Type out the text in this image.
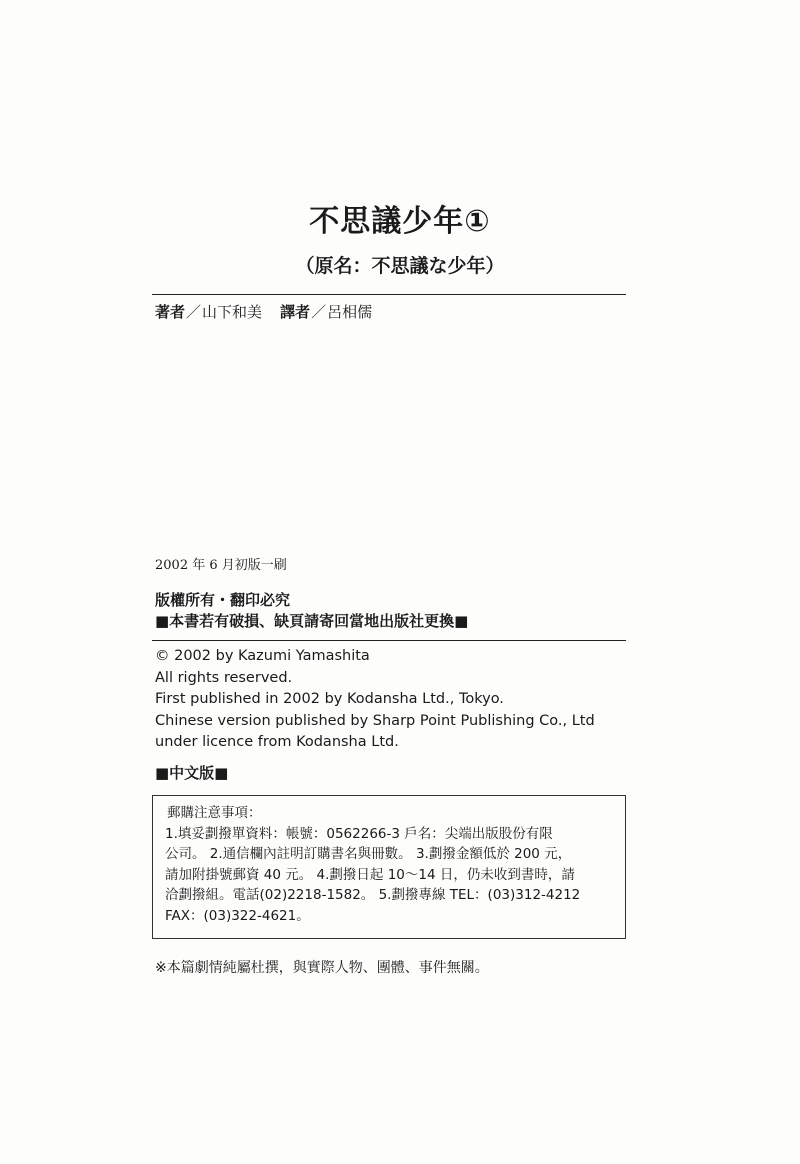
不思議少年①
（原名：不思議な少年）
著者／山下和美 譯者／呂相儒
2002 年 6 月初版一刷
版權所有・翻印必究
■本書若有破損、缺頁請寄回當地出版社更換■
© 2002 by Kazumi Yamashita
All rights reserved.
First published in 2002 by Kodansha Ltd., Tokyo.
Chinese version published by Sharp Point Publishing Co., Ltd
under licence from Kodansha Ltd.
■中文版■
郵購注意事項：
1.填妥劃撥單資料：帳號：0562266-3 戶名：尖端出版股份有限
公司。 2.通信欄內註明訂購書名與冊數。 3.劃撥金額低於 200 元，
請加附掛號郵資 40 元。 4.劃撥日起 10～14 日，仍未收到書時，請
洽劃撥組。電話(02)2218-1582。 5.劃撥專線 TEL：(03)312-4212
FAX：(03)322-4621。
※本篇劇情純屬杜撰，與實際人物、團體、事件無關。
